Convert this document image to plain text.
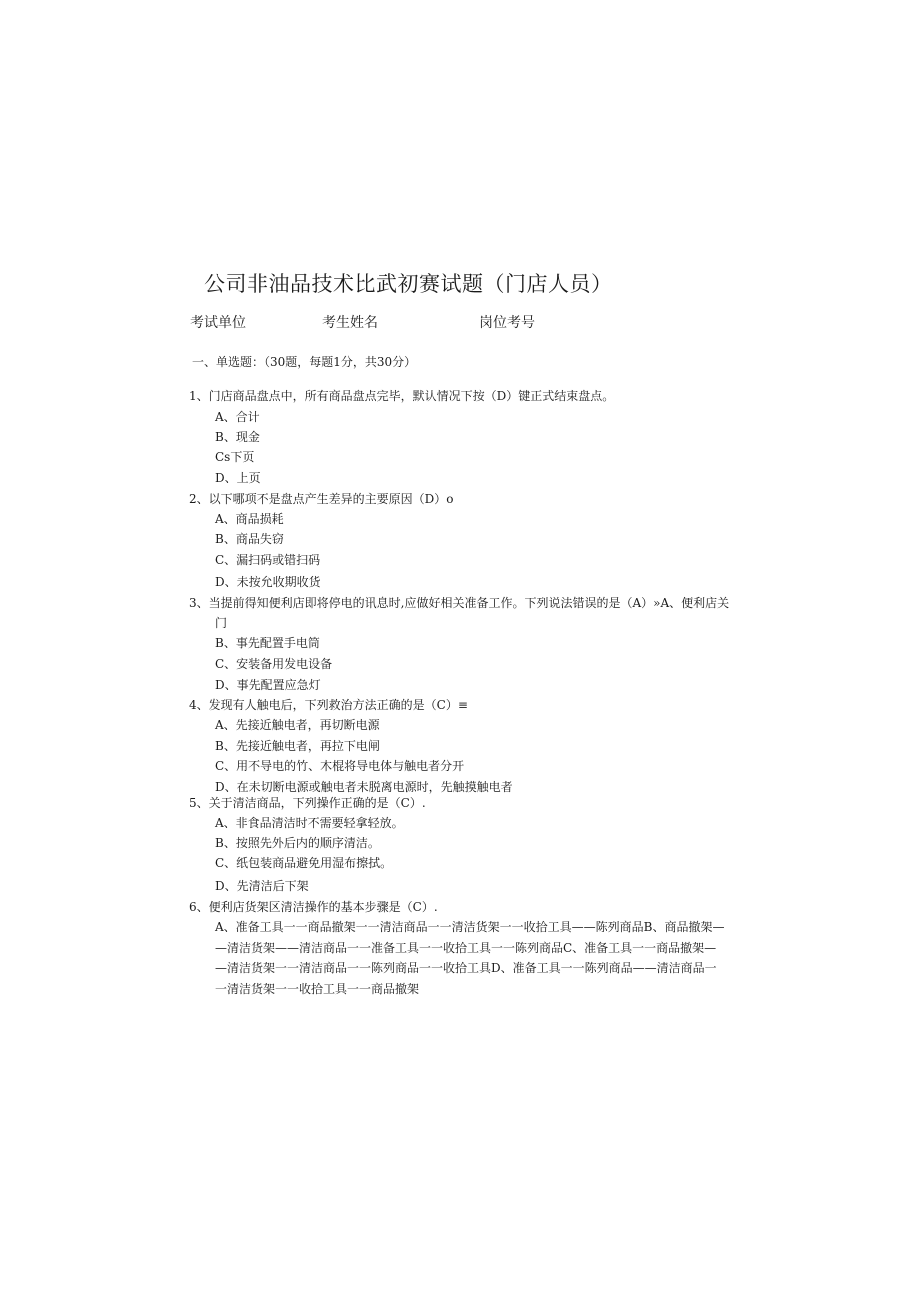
公司非油品技术比武初赛试题（门店人员）
考试单位	考生姓名	岗位考号
一、单选题：（30题，每题1分，共30分）
1、门店商品盘点中，所有商品盘点完毕，默认情况下按（D）键正式结束盘点。
A、合计
B、现金
Cs下页
D、上页
2、以下哪项不是盘点产生差异的主要原因（D）o
A、商品损耗
B、商品失窃
C、漏扫码或错扫码
D、未按允收期收货
3、当提前得知便利店即将停电的讯息时,应做好相关准备工作。下列说法错误的是（A）»A、便利店关
门
B、事先配置手电筒
C、安装备用发电设备
D、事先配置应急灯
4、发现有人触电后，下列救治方法正确的是（C）≡
A、先接近触电者，再切断电源
B、先接近触电者，再拉下电闸
C、用不导电的竹、木棍将导电体与触电者分开
D、在未切断电源或触电者未脱离电源时，先触摸触电者
5、关于清洁商品，下列操作正确的是（C）.
A、非食品清洁时不需要轻拿轻放。
B、按照先外后内的顺序清洁。
C、纸包装商品避免用湿布擦拭。
D、先清洁后下架
6、便利店货架区清洁操作的基本步骤是（C）.
A、准备工具一一商品撤架一一清洁商品一一清洁货架一一收拾工具——陈列商品B、商品撤架—
—清洁货架——清洁商品一一准备工具一一收拾工具一一陈列商品C、准备工具一一商品撤架—
—清洁货架一一清洁商品一一陈列商品一一收拾工具D、准备工具一一陈列商品——清洁商品一
一清洁货架一一收拾工具一一商品撤架
